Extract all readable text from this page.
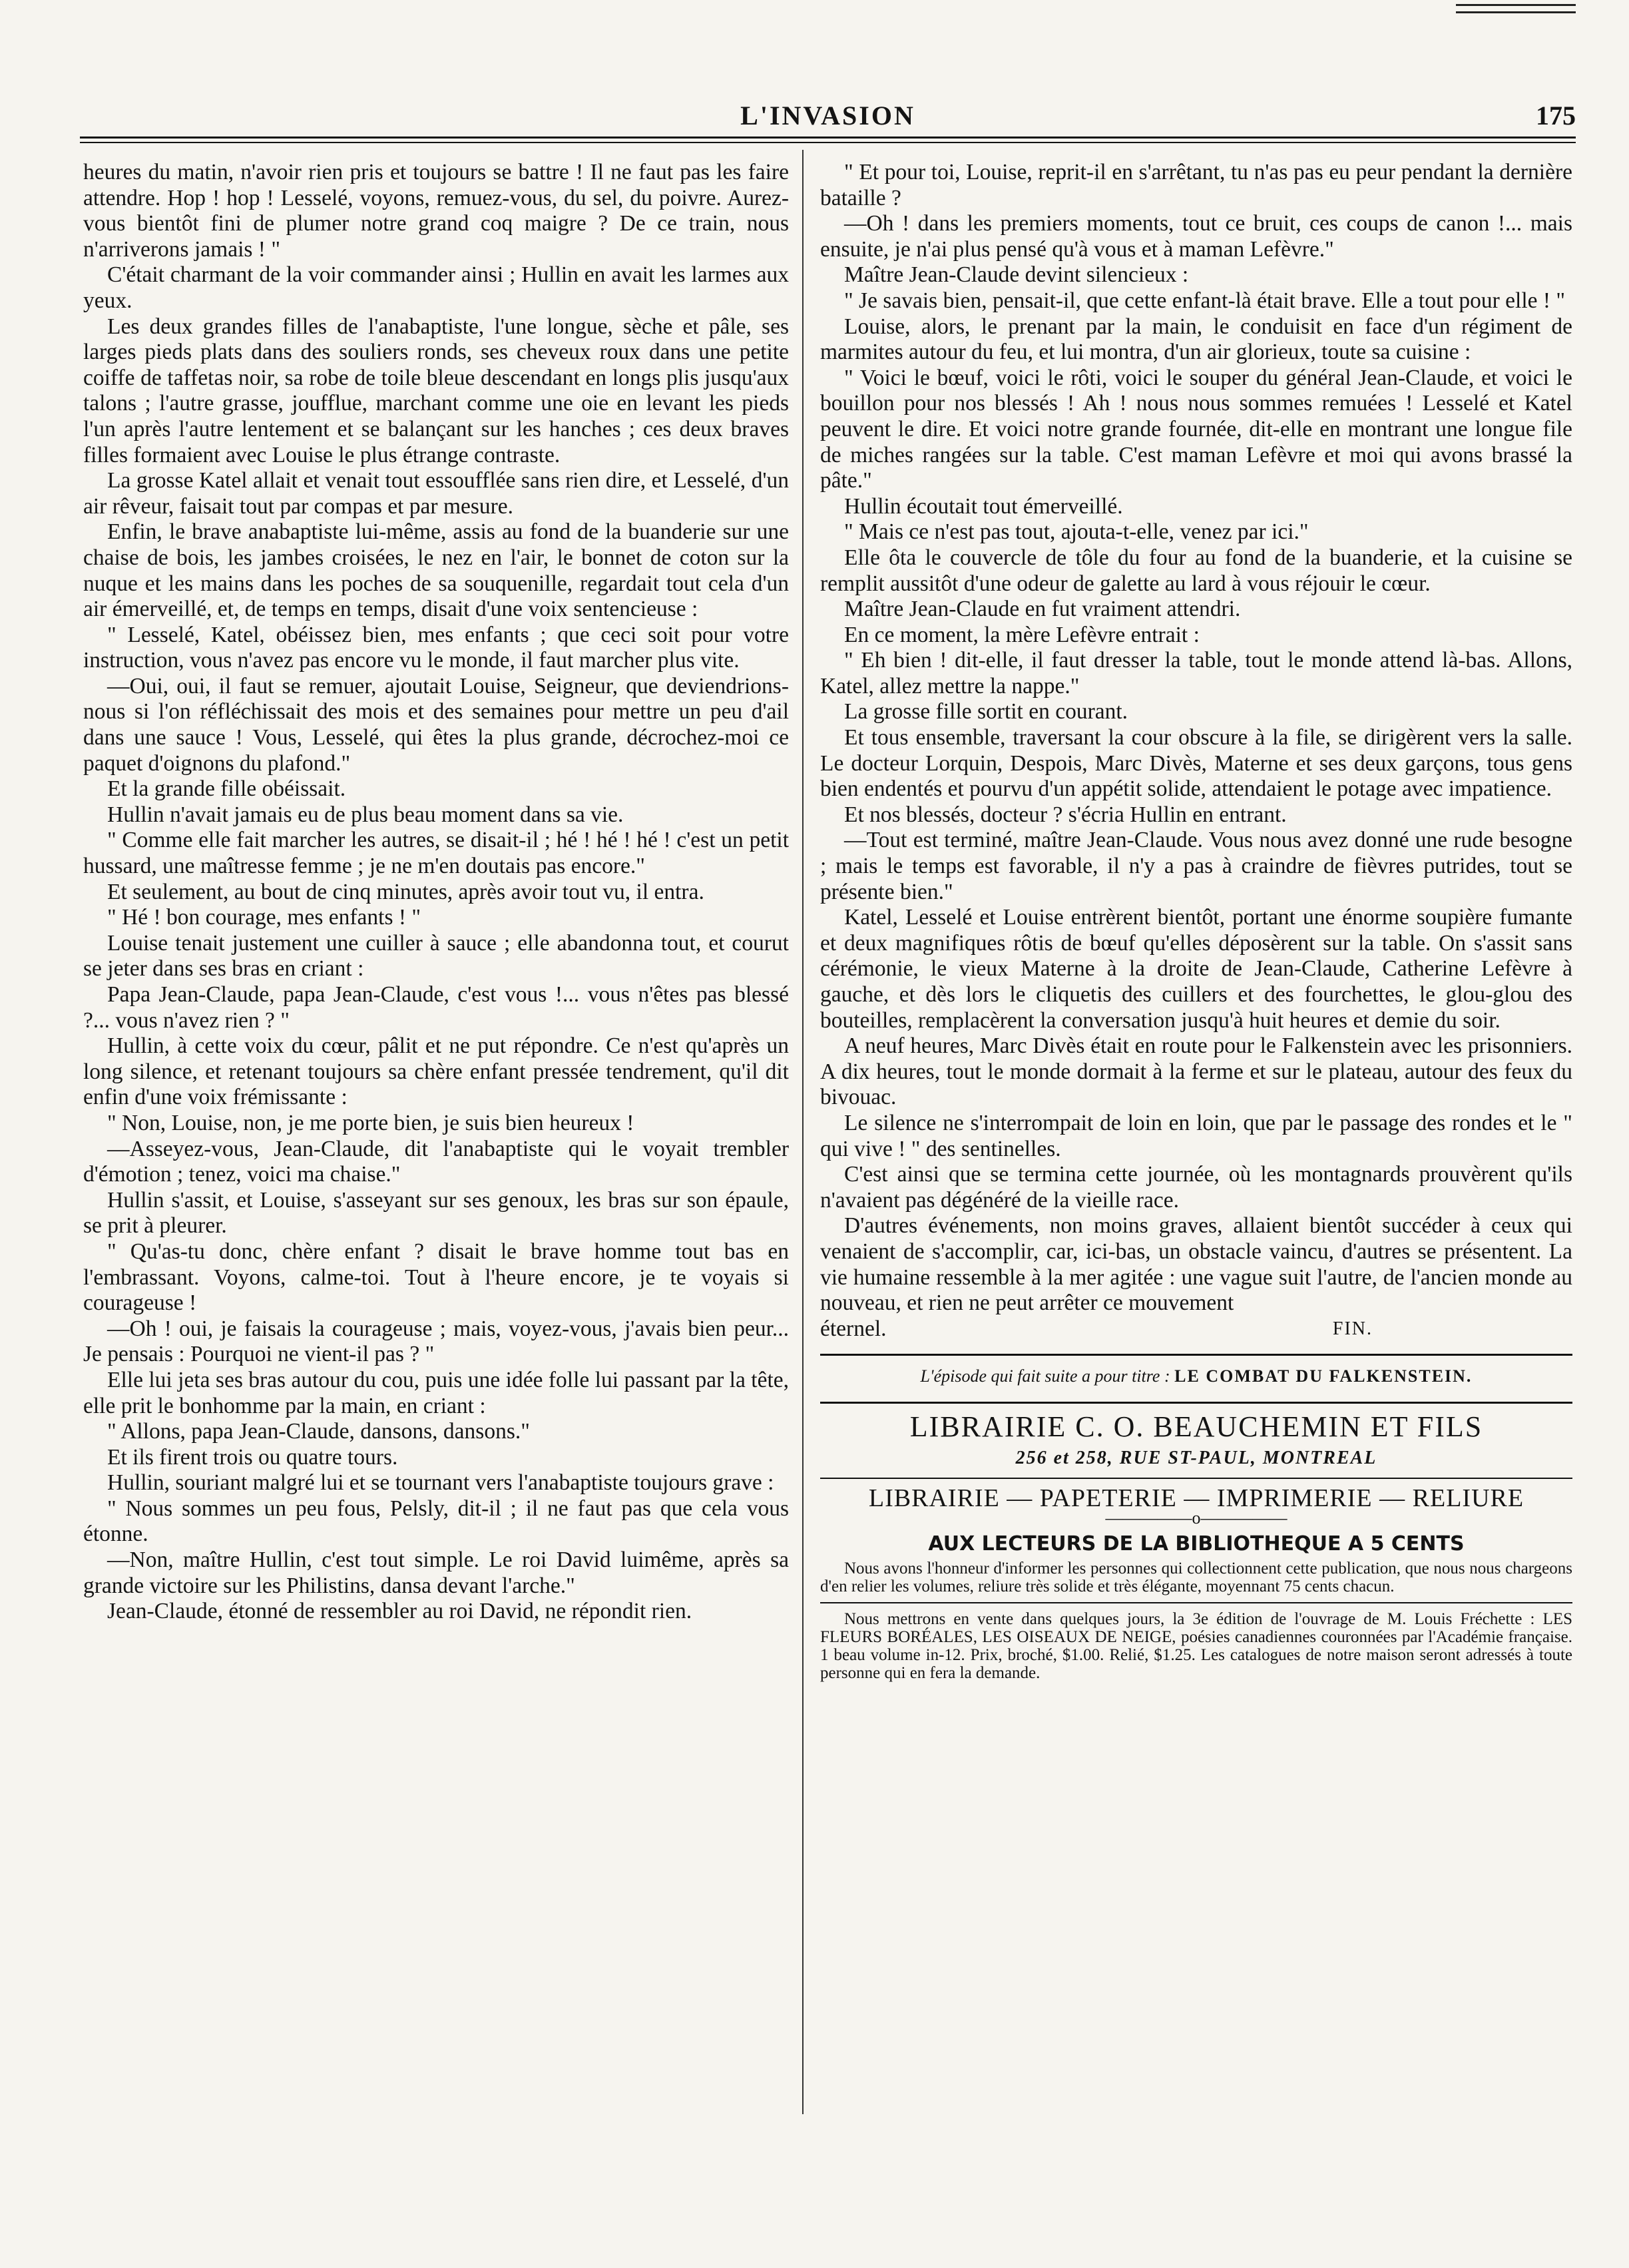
L'INVASION	175

heures du matin, n'avoir rien pris et toujours se battre ! Il ne faut pas les faire attendre. Hop ! hop ! Lesselé, voyons, remuez-vous, du sel, du poivre. Aurez-vous bientôt fini de plumer notre grand coq maigre ? De ce train, nous n'arriverons jamais ! "

C'était charmant de la voir commander ainsi ; Hullin en avait les larmes aux yeux.

Les deux grandes filles de l'anabaptiste, l'une longue, sèche et pâle, ses larges pieds plats dans des souliers ronds, ses cheveux roux dans une petite coiffe de taffetas noir, sa robe de toile bleue descendant en longs plis jusqu'aux talons ; l'autre grasse, joufflue, marchant comme une oie en levant les pieds l'un après l'autre lentement et se balançant sur les hanches ; ces deux braves filles formaient avec Louise le plus étrange contraste.

La grosse Katel allait et venait tout essoufflée sans rien dire, et Lesselé, d'un air rêveur, faisait tout par compas et par mesure.

Enfin, le brave anabaptiste lui-même, assis au fond de la buanderie sur une chaise de bois, les jambes croisées, le nez en l'air, le bonnet de coton sur la nuque et les mains dans les poches de sa souquenille, regardait tout cela d'un air émerveillé, et, de temps en temps, disait d'une voix sentencieuse :

" Lesselé, Katel, obéissez bien, mes enfants ; que ceci soit pour votre instruction, vous n'avez pas encore vu le monde, il faut marcher plus vite.

—Oui, oui, il faut se remuer, ajoutait Louise, Seigneur, que deviendrions-nous si l'on réfléchissait des mois et des semaines pour mettre un peu d'ail dans une sauce ! Vous, Lesselé, qui êtes la plus grande, décrochez-moi ce paquet d'oignons du plafond."

Et la grande fille obéissait.

Hullin n'avait jamais eu de plus beau moment dans sa vie.

" Comme elle fait marcher les autres, se disait-il ; hé ! hé ! hé ! c'est un petit hussard, une maîtresse femme ; je ne m'en doutais pas encore."

Et seulement, au bout de cinq minutes, après avoir tout vu, il entra.

" Hé ! bon courage, mes enfants ! "

Louise tenait justement une cuiller à sauce ; elle abandonna tout, et courut se jeter dans ses bras en criant :

Papa Jean-Claude, papa Jean-Claude, c'est vous !... vous n'êtes pas blessé ?... vous n'avez rien ? "

Hullin, à cette voix du cœur, pâlit et ne put répondre. Ce n'est qu'après un long silence, et retenant toujours sa chère enfant pressée tendrement, qu'il dit enfin d'une voix frémissante :

" Non, Louise, non, je me porte bien, je suis bien heureux !

—Asseyez-vous, Jean-Claude, dit l'anabaptiste qui le voyait trembler d'émotion ; tenez, voici ma chaise."

Hullin s'assit, et Louise, s'asseyant sur ses genoux, les bras sur son épaule, se prit à pleurer.

" Qu'as-tu donc, chère enfant ? disait le brave homme tout bas en l'embrassant. Voyons, calme-toi. Tout à l'heure encore, je te voyais si courageuse !

—Oh ! oui, je faisais la courageuse ; mais, voyez-vous, j'avais bien peur... Je pensais : Pourquoi ne vient-il pas ? "

Elle lui jeta ses bras autour du cou, puis une idée folle lui passant par la tête, elle prit le bonhomme par la main, en criant :

" Allons, papa Jean-Claude, dansons, dansons."

Et ils firent trois ou quatre tours.

Hullin, souriant malgré lui et se tournant vers l'anabaptiste toujours grave :

" Nous sommes un peu fous, Pelsly, dit-il ; il ne faut pas que cela vous étonne.

—Non, maître Hullin, c'est tout simple. Le roi David luimême, après sa grande victoire sur les Philistins, dansa devant l'arche."

Jean-Claude, étonné de ressembler au roi David, ne répondit rien.

" Et pour toi, Louise, reprit-il en s'arrêtant, tu n'as pas eu peur pendant la dernière bataille ?

—Oh ! dans les premiers moments, tout ce bruit, ces coups de canon !... mais ensuite, je n'ai plus pensé qu'à vous et à maman Lefèvre."

Maître Jean-Claude devint silencieux :

" Je savais bien, pensait-il, que cette enfant-là était brave. Elle a tout pour elle ! "

Louise, alors, le prenant par la main, le conduisit en face d'un régiment de marmites autour du feu, et lui montra, d'un air glorieux, toute sa cuisine :

" Voici le bœuf, voici le rôti, voici le souper du général Jean-Claude, et voici le bouillon pour nos blessés ! Ah ! nous nous sommes remuées ! Lesselé et Katel peuvent le dire. Et voici notre grande fournée, dit-elle en montrant une longue file de miches rangées sur la table. C'est maman Lefèvre et moi qui avons brassé la pâte."

Hullin écoutait tout émerveillé.

" Mais ce n'est pas tout, ajouta-t-elle, venez par ici."

Elle ôta le couvercle de tôle du four au fond de la buanderie, et la cuisine se remplit aussitôt d'une odeur de galette au lard à vous réjouir le cœur.

Maître Jean-Claude en fut vraiment attendri.

En ce moment, la mère Lefèvre entrait :

" Eh bien ! dit-elle, il faut dresser la table, tout le monde attend là-bas. Allons, Katel, allez mettre la nappe."

La grosse fille sortit en courant.

Et tous ensemble, traversant la cour obscure à la file, se dirigèrent vers la salle. Le docteur Lorquin, Despois, Marc Divès, Materne et ses deux garçons, tous gens bien endentés et pourvu d'un appétit solide, attendaient le potage avec impatience.

Et nos blessés, docteur ? s'écria Hullin en entrant.

—Tout est terminé, maître Jean-Claude. Vous nous avez donné une rude besogne ; mais le temps est favorable, il n'y a pas à craindre de fièvres putrides, tout se présente bien."

Katel, Lesselé et Louise entrèrent bientôt, portant une énorme soupière fumante et deux magnifiques rôtis de bœuf qu'elles déposèrent sur la table. On s'assit sans cérémonie, le vieux Materne à la droite de Jean-Claude, Catherine Lefèvre à gauche, et dès lors le cliquetis des cuillers et des fourchettes, le glou-glou des bouteilles, remplacèrent la conversation jusqu'à huit heures et demie du soir.

A neuf heures, Marc Divès était en route pour le Falkenstein avec les prisonniers. A dix heures, tout le monde dormait à la ferme et sur le plateau, autour des feux du bivouac.

Le silence ne s'interrompait de loin en loin, que par le passage des rondes et le " qui vive ! " des sentinelles.

C'est ainsi que se termina cette journée, où les montagnards prouvèrent qu'ils n'avaient pas dégénéré de la vieille race.

D'autres événements, non moins graves, allaient bientôt succéder à ceux qui venaient de s'accomplir, car, ici-bas, un obstacle vaincu, d'autres se présentent. La vie humaine ressemble à la mer agitée : une vague suit l'autre, de l'ancien monde au nouveau, et rien ne peut arrêter ce mouvement

éternel.	FIN.
L'épisode qui fait suite a pour titre : LE COMBAT DU FALKENSTEIN.
LIBRAIRIE C. O. BEAUCHEMIN ET FILS
256 et 258, RUE ST-PAUL, MONTREAL
LIBRAIRIE — PAPETERIE — IMPRIMERIE — RELIURE
—————o—————
AUX LECTEURS DE LA BIBLIOTHEQUE A 5 CENTS

Nous avons l'honneur d'informer les personnes qui collectionnent cette publication, que nous nous chargeons d'en relier les volumes, reliure très solide et très élégante, moyennant 75 cents chacun.

Nous mettrons en vente dans quelques jours, la 3e édition de l'ouvrage de M. Louis Fréchette : LES FLEURS BORÉALES, LES OISEAUX DE NEIGE, poésies canadiennes couronnées par l'Académie française. 1 beau volume in-12. Prix, broché, $1.00. Relié, $1.25. Les catalogues de notre maison seront adressés à toute personne qui en fera la demande.
